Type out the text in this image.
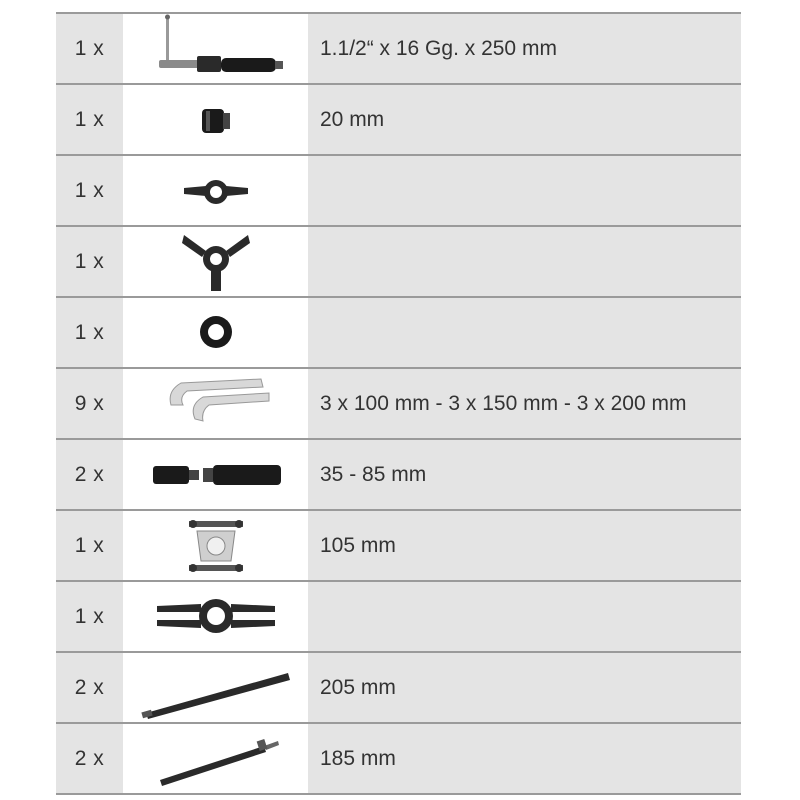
1 x	1.1/2“ x 16 Gg. x 250 mm
1 x	20 mm
1 x
1 x
1 x
9 x	3 x 100 mm - 3 x 150 mm - 3 x 200 mm
2 x	35 - 85 mm
1 x	105 mm
1 x
2 x	205 mm
2 x	185 mm
